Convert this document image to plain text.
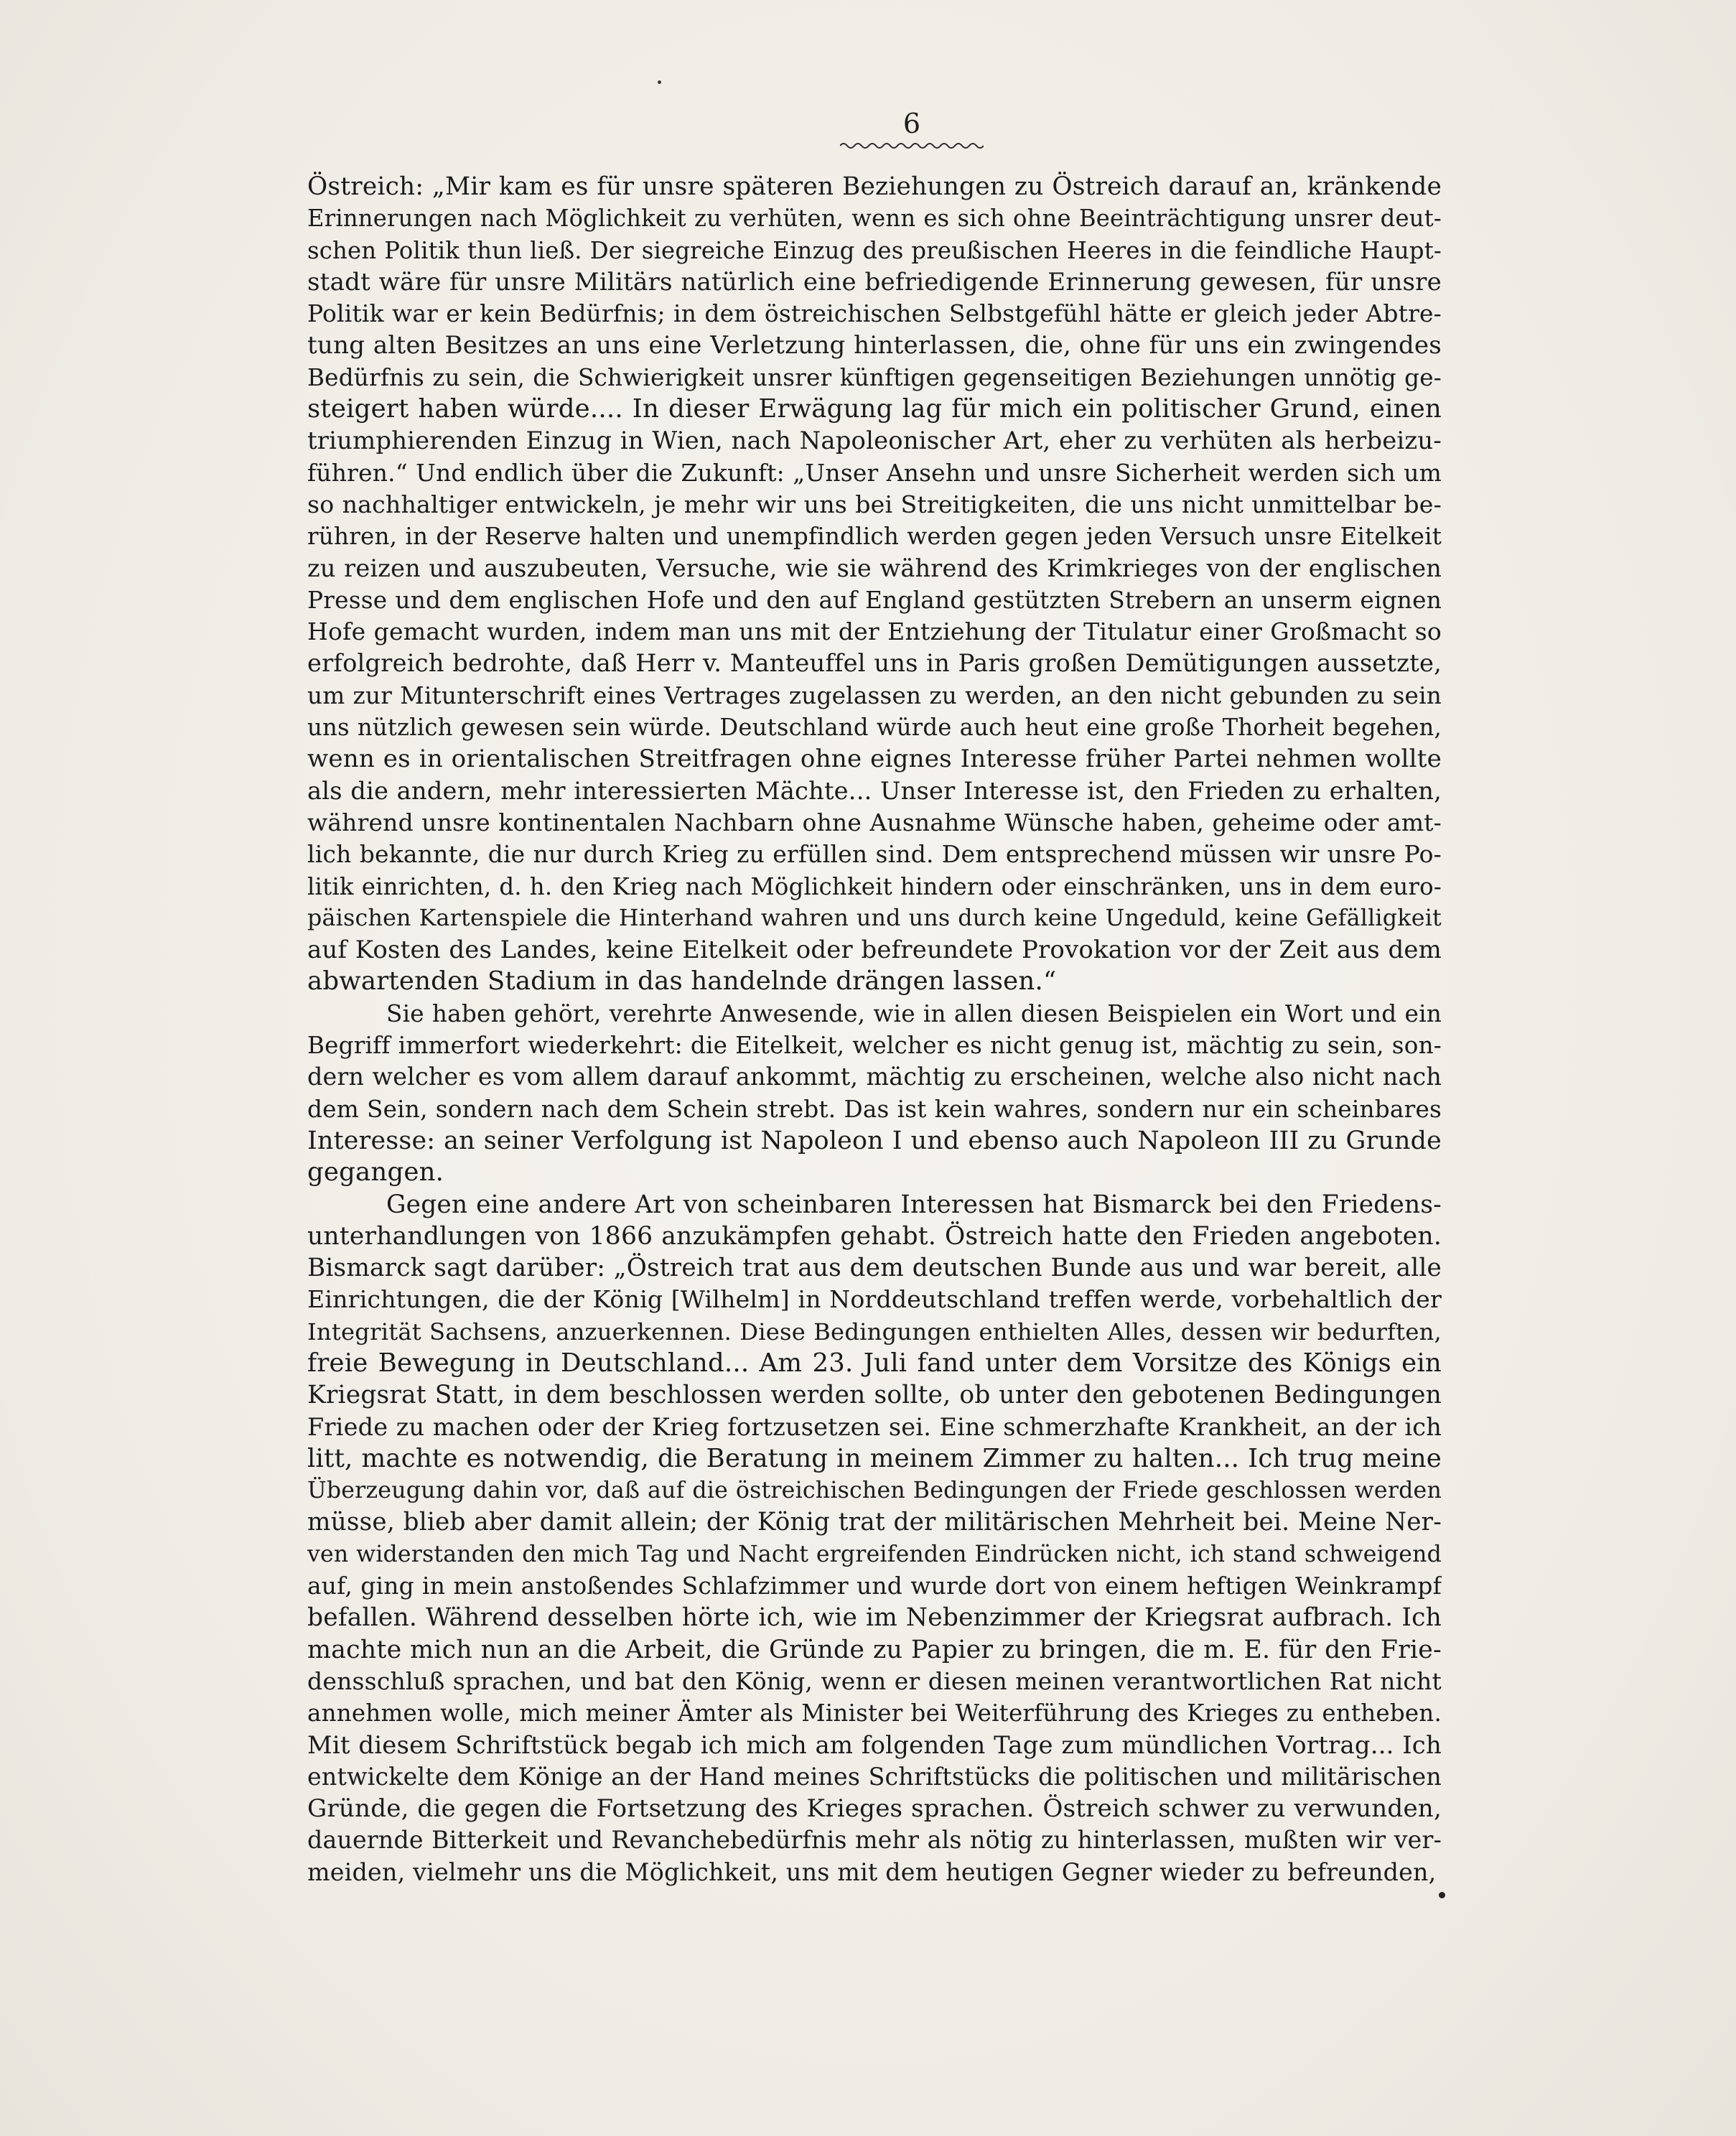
6
Östreich: „Mir kam es für unsre späteren Beziehungen zu Östreich darauf an, kränkende
Erinnerungen nach Möglichkeit zu verhüten, wenn es sich ohne Beeinträchtigung unsrer deut-
schen Politik thun ließ. Der siegreiche Einzug des preußischen Heeres in die feindliche Haupt-
stadt wäre für unsre Militärs natürlich eine befriedigende Erinnerung gewesen, für unsre
Politik war er kein Bedürfnis; in dem östreichischen Selbstgefühl hätte er gleich jeder Abtre-
tung alten Besitzes an uns eine Verletzung hinterlassen, die, ohne für uns ein zwingendes
Bedürfnis zu sein, die Schwierigkeit unsrer künftigen gegenseitigen Beziehungen unnötig ge-
steigert haben würde.... In dieser Erwägung lag für mich ein politischer Grund, einen
triumphierenden Einzug in Wien, nach Napoleonischer Art, eher zu verhüten als herbeizu-
führen.“ Und endlich über die Zukunft: „Unser Ansehn und unsre Sicherheit werden sich um
so nachhaltiger entwickeln, je mehr wir uns bei Streitigkeiten, die uns nicht unmittelbar be-
rühren, in der Reserve halten und unempfindlich werden gegen jeden Versuch unsre Eitelkeit
zu reizen und auszubeuten, Versuche, wie sie während des Krimkrieges von der englischen
Presse und dem englischen Hofe und den auf England gestützten Strebern an unserm eignen
Hofe gemacht wurden, indem man uns mit der Entziehung der Titulatur einer Großmacht so
erfolgreich bedrohte, daß Herr v. Manteuffel uns in Paris großen Demütigungen aussetzte,
um zur Mitunterschrift eines Vertrages zugelassen zu werden, an den nicht gebunden zu sein
uns nützlich gewesen sein würde. Deutschland würde auch heut eine große Thorheit begehen,
wenn es in orientalischen Streitfragen ohne eignes Interesse früher Partei nehmen wollte
als die andern, mehr interessierten Mächte... Unser Interesse ist, den Frieden zu erhalten,
während unsre kontinentalen Nachbarn ohne Ausnahme Wünsche haben, geheime oder amt-
lich bekannte, die nur durch Krieg zu erfüllen sind. Dem entsprechend müssen wir unsre Po-
litik einrichten, d. h. den Krieg nach Möglichkeit hindern oder einschränken, uns in dem euro-
päischen Kartenspiele die Hinterhand wahren und uns durch keine Ungeduld, keine Gefälligkeit
auf Kosten des Landes, keine Eitelkeit oder befreundete Provokation vor der Zeit aus dem
abwartenden Stadium in das handelnde drängen lassen.“
Sie haben gehört, verehrte Anwesende, wie in allen diesen Beispielen ein Wort und ein
Begriff immerfort wiederkehrt: die Eitelkeit, welcher es nicht genug ist, mächtig zu sein, son-
dern welcher es vom allem darauf ankommt, mächtig zu erscheinen, welche also nicht nach
dem Sein, sondern nach dem Schein strebt. Das ist kein wahres, sondern nur ein scheinbares
Interesse: an seiner Verfolgung ist Napoleon I und ebenso auch Napoleon III zu Grunde
gegangen.
Gegen eine andere Art von scheinbaren Interessen hat Bismarck bei den Friedens-
unterhandlungen von 1866 anzukämpfen gehabt. Östreich hatte den Frieden angeboten.
Bismarck sagt darüber: „Östreich trat aus dem deutschen Bunde aus und war bereit, alle
Einrichtungen, die der König [Wilhelm] in Norddeutschland treffen werde, vorbehaltlich der
Integrität Sachsens, anzuerkennen. Diese Bedingungen enthielten Alles, dessen wir bedurften,
freie Bewegung in Deutschland... Am 23. Juli fand unter dem Vorsitze des Königs ein
Kriegsrat Statt, in dem beschlossen werden sollte, ob unter den gebotenen Bedingungen
Friede zu machen oder der Krieg fortzusetzen sei. Eine schmerzhafte Krankheit, an der ich
litt, machte es notwendig, die Beratung in meinem Zimmer zu halten... Ich trug meine
Überzeugung dahin vor, daß auf die östreichischen Bedingungen der Friede geschlossen werden
müsse, blieb aber damit allein; der König trat der militärischen Mehrheit bei. Meine Ner-
ven widerstanden den mich Tag und Nacht ergreifenden Eindrücken nicht, ich stand schweigend
auf, ging in mein anstoßendes Schlafzimmer und wurde dort von einem heftigen Weinkrampf
befallen. Während desselben hörte ich, wie im Nebenzimmer der Kriegsrat aufbrach. Ich
machte mich nun an die Arbeit, die Gründe zu Papier zu bringen, die m. E. für den Frie-
densschluß sprachen, und bat den König, wenn er diesen meinen verantwortlichen Rat nicht
annehmen wolle, mich meiner Ämter als Minister bei Weiterführung des Krieges zu entheben.
Mit diesem Schriftstück begab ich mich am folgenden Tage zum mündlichen Vortrag... Ich
entwickelte dem Könige an der Hand meines Schriftstücks die politischen und militärischen
Gründe, die gegen die Fortsetzung des Krieges sprachen. Östreich schwer zu verwunden,
dauernde Bitterkeit und Revanchebedürfnis mehr als nötig zu hinterlassen, mußten wir ver-
meiden, vielmehr uns die Möglichkeit, uns mit dem heutigen Gegner wieder zu befreunden,
